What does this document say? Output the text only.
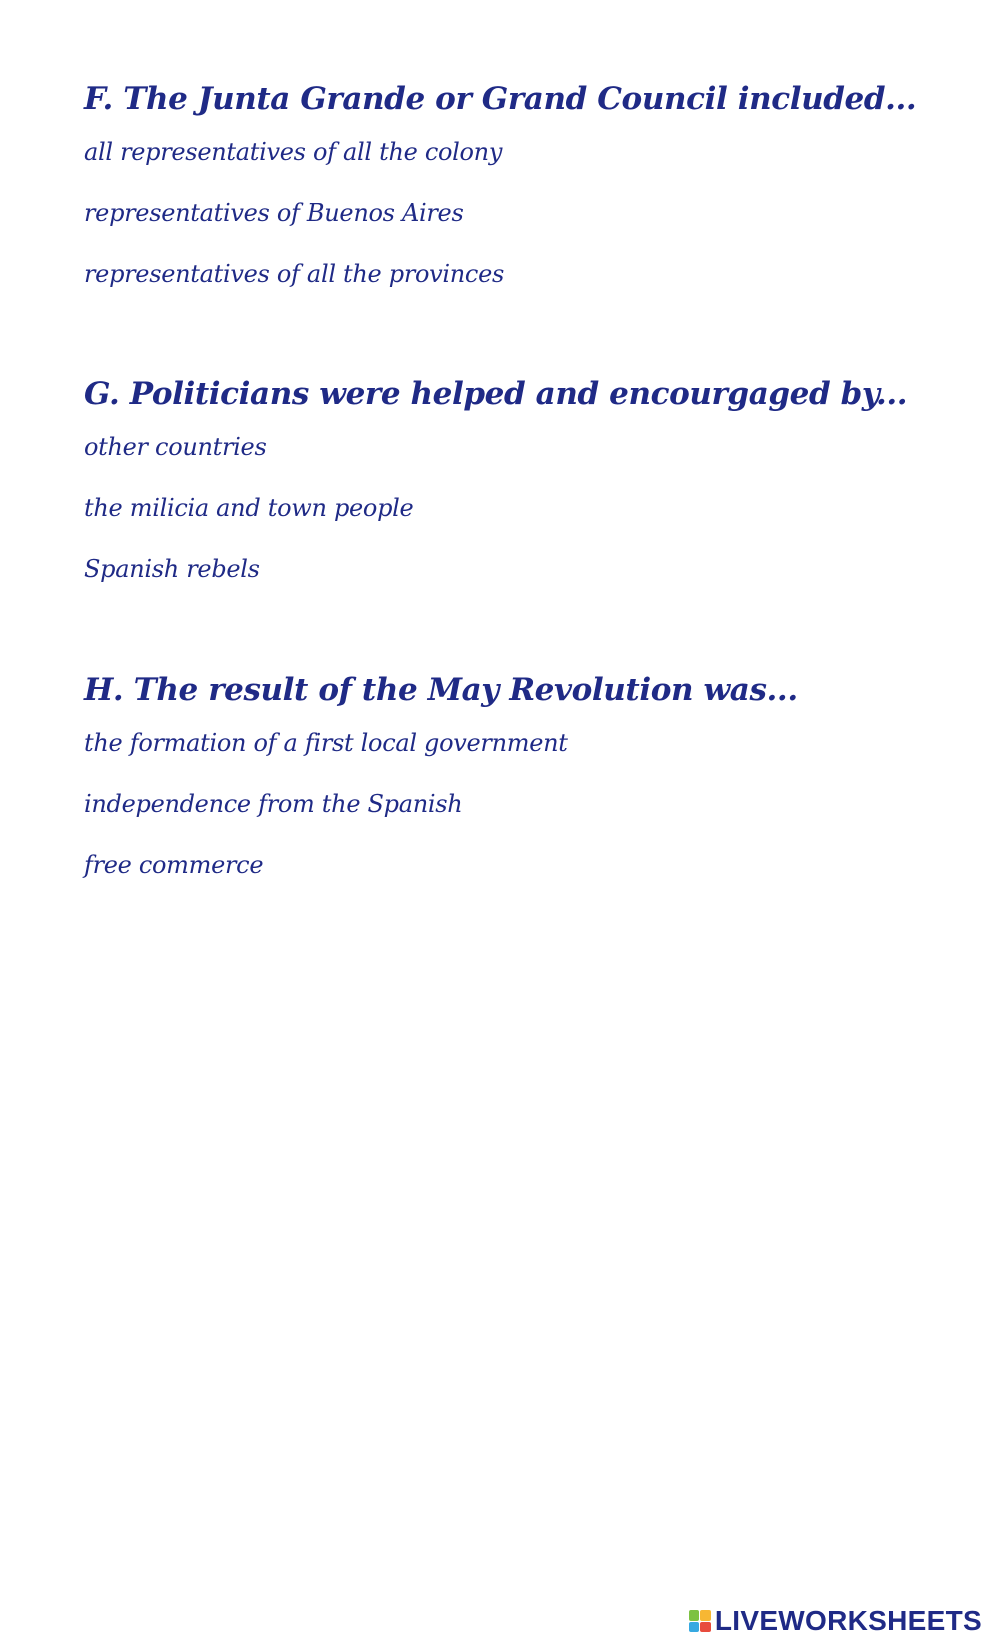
F. The Junta Grande or Grand Council included...
all representatives of all the colony
representatives of Buenos Aires
representatives of all the provinces
G. Politicians were helped and encourgaged by...
other countries
the milicia and town people
Spanish rebels
H. The result of the May Revolution was...
the formation of a first local government
independence from the Spanish
free commerce
LIVEWORKSHEETS
